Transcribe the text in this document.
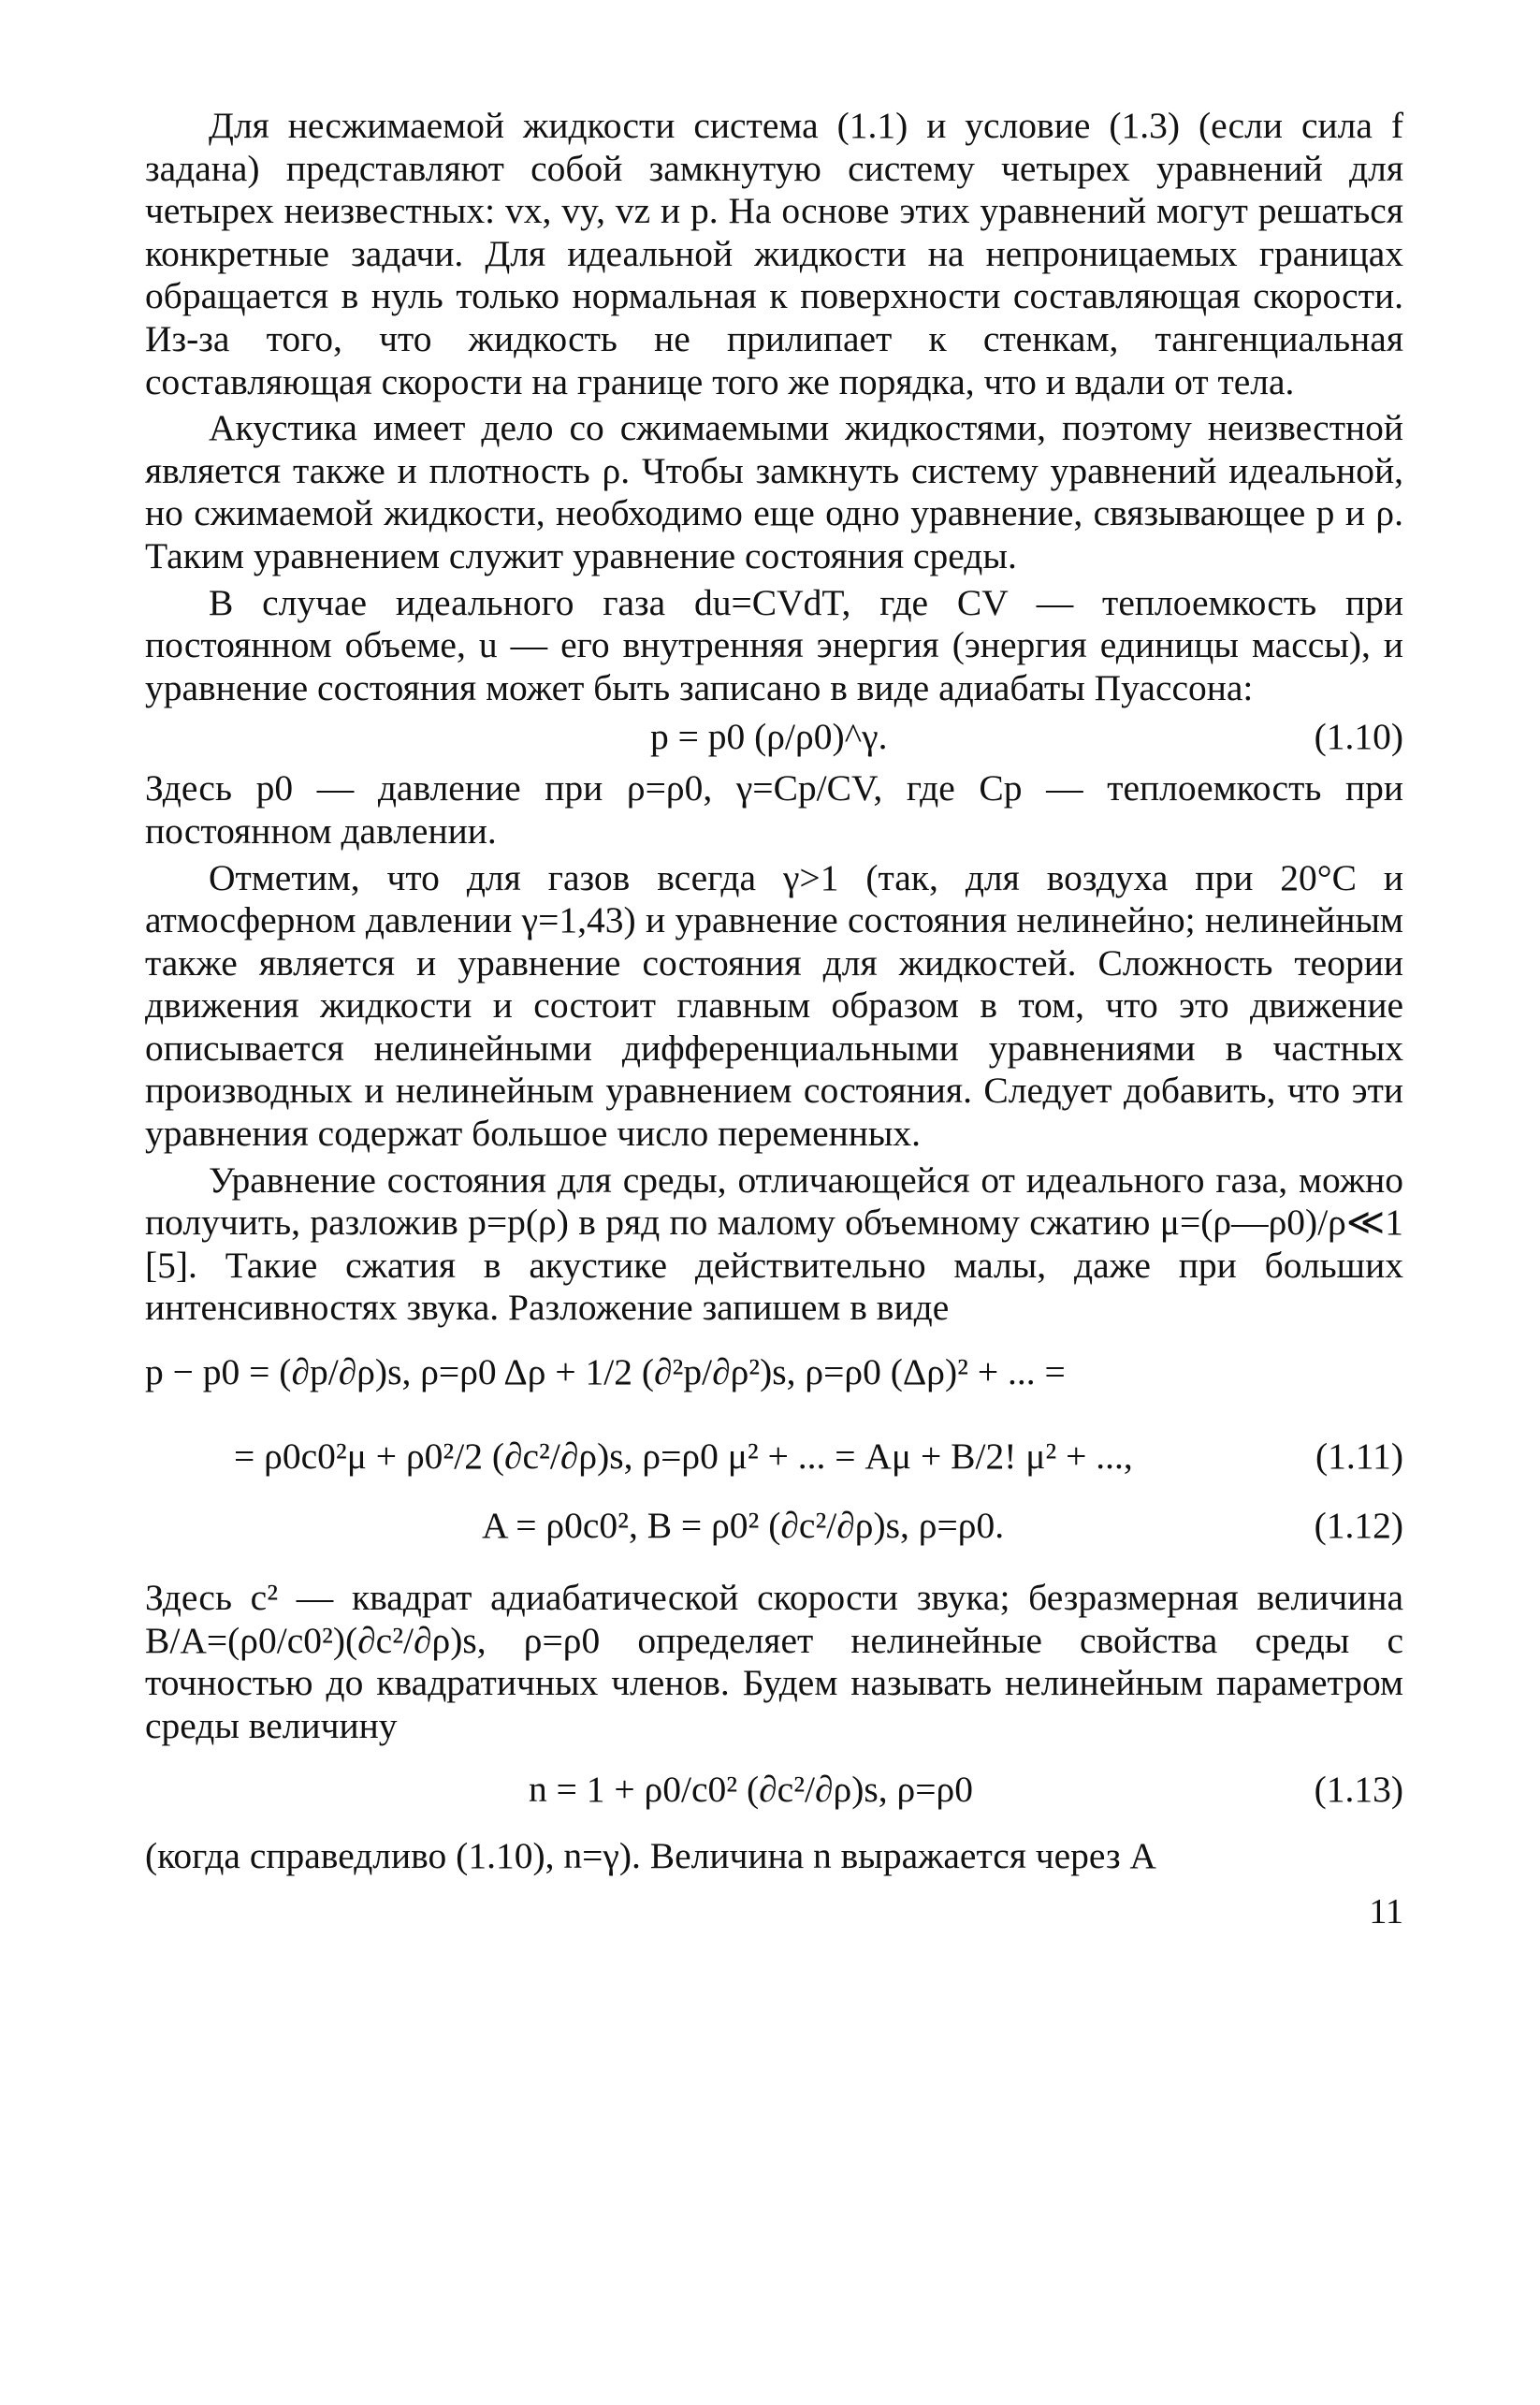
Для несжимаемой жидкости система (1.1) и условие (1.3) (если сила f задана) представляют собой замкнутую систему четырех уравнений для четырех неизвестных: vx, vy, vz и p. На основе этих уравнений могут решаться конкретные задачи. Для идеальной жидкости на непроницаемых границах обращается в нуль только нормальная к поверхности составляющая скорости. Из-за того, что жидкость не прилипает к стенкам, тангенциальная составляющая скорости на границе того же порядка, что и вдали от тела.

Акустика имеет дело со сжимаемыми жидкостями, поэтому неизвестной является также и плотность ρ. Чтобы замкнуть систему уравнений идеальной, но сжимаемой жидкости, необходимо еще одно уравнение, связывающее p и ρ. Таким уравнением служит уравнение состояния среды.

В случае идеального газа du=CVdT, где CV — теплоемкость при постоянном объеме, u — его внутренняя энергия (энергия единицы массы), и уравнение состояния может быть записано в виде адиабаты Пуассона:

p = p0 (ρ/ρ0)^γ.	(1.10)

Здесь p0 — давление при ρ=ρ0, γ=Cp/CV, где Cp — теплоемкость при постоянном давлении.

Отметим, что для газов всегда γ>1 (так, для воздуха при 20°C и атмосферном давлении γ=1,43) и уравнение состояния нелинейно; нелинейным также является и уравнение состояния для жидкостей. Сложность теории движения жидкости и состоит главным образом в том, что это движение описывается нелинейными дифференциальными уравнениями в частных производных и нелинейным уравнением состояния. Следует добавить, что эти уравнения содержат большое число переменных.

Уравнение состояния для среды, отличающейся от идеального газа, можно получить, разложив p=p(ρ) в ряд по малому объемному сжатию μ=(ρ—ρ0)/ρ≪1 [5]. Такие сжатия в акустике действительно малы, даже при больших интенсивностях звука. Разложение запишем в виде

p − p0 = (∂p/∂ρ)s, ρ=ρ0 Δρ + 1/2 (∂²p/∂ρ²)s, ρ=ρ0 (Δρ)² + ... =
= ρ0c0²μ + ρ0²/2 (∂c²/∂ρ)s, ρ=ρ0 μ² + ... = Aμ + B/2! μ² + ...,	(1.11)
A = ρ0c0², B = ρ0² (∂c²/∂ρ)s, ρ=ρ0.	(1.12)

Здесь c² — квадрат адиабатической скорости звука; безразмерная величина B/A=(ρ0/c0²)(∂c²/∂ρ)s, ρ=ρ0 определяет нелинейные свойства среды с точностью до квадратичных членов. Будем называть нелинейным параметром среды величину

n = 1 + ρ0/c0² (∂c²/∂ρ)s, ρ=ρ0	(1.13)

(когда справедливо (1.10), n=γ). Величина n выражается через A

11
